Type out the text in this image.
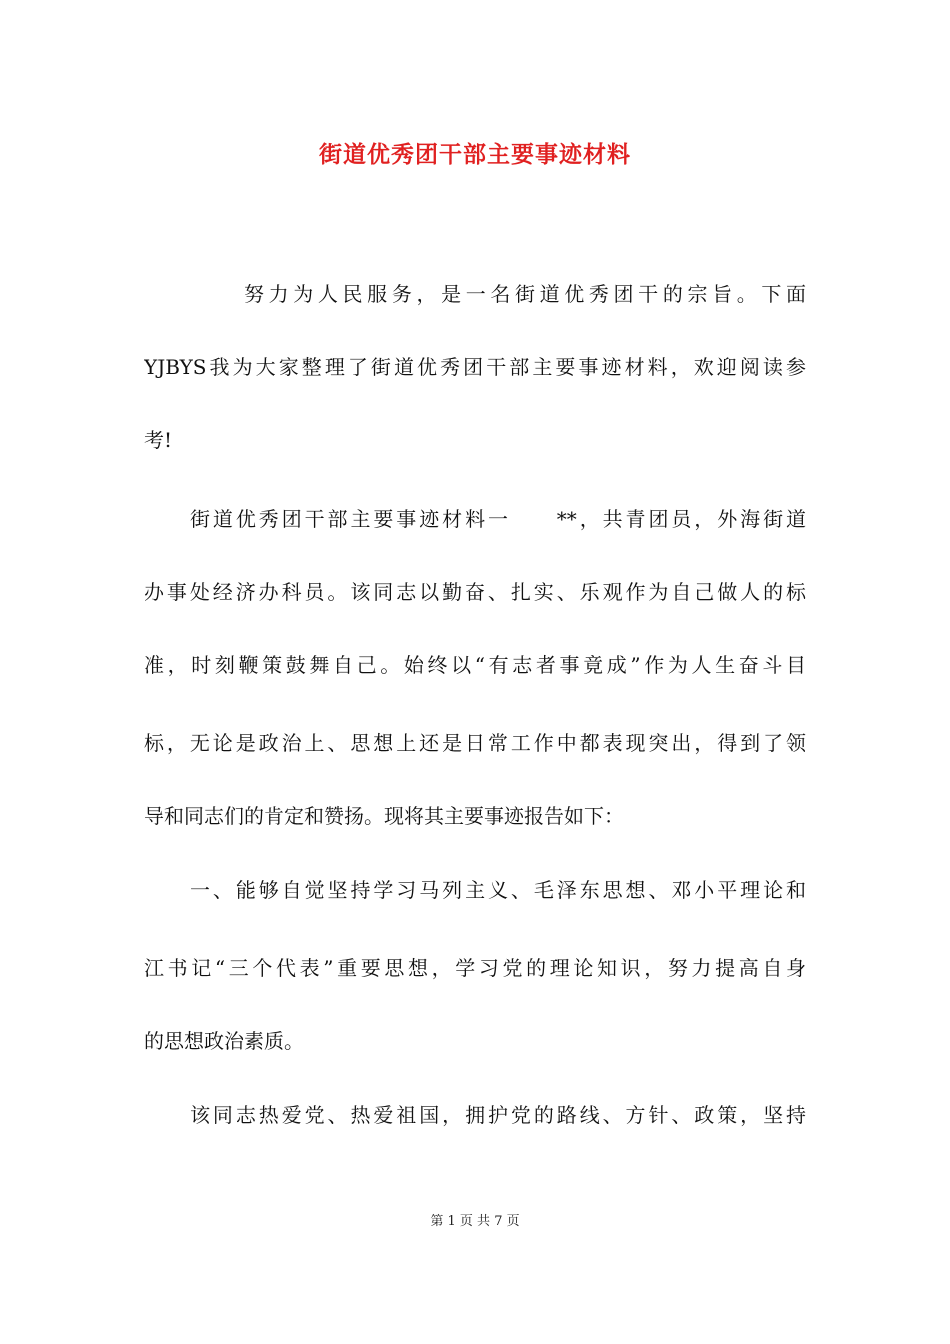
街道优秀团干部主要事迹材料
努力为人民服务，是一名街道优秀团干的宗旨。下面
YJBYS我为大家整理了街道优秀团干部主要事迹材料，欢迎阅读参
考!
街道优秀团干部主要事迹材料一　　**，共青团员，外海街道
办事处经济办科员。该同志以勤奋、扎实、乐观作为自己做人的标
准，时刻鞭策鼓舞自己。始终以“有志者事竟成”作为人生奋斗目
标，无论是政治上、思想上还是日常工作中都表现突出，得到了领
导和同志们的肯定和赞扬。现将其主要事迹报告如下：
一、能够自觉坚持学习马列主义、毛泽东思想、邓小平理论和
江书记“三个代表”重要思想，学习党的理论知识，努力提高自身
的思想政治素质。
该同志热爱党、热爱祖国，拥护党的路线、方针、政策，坚持
第 1 页 共 7 页
